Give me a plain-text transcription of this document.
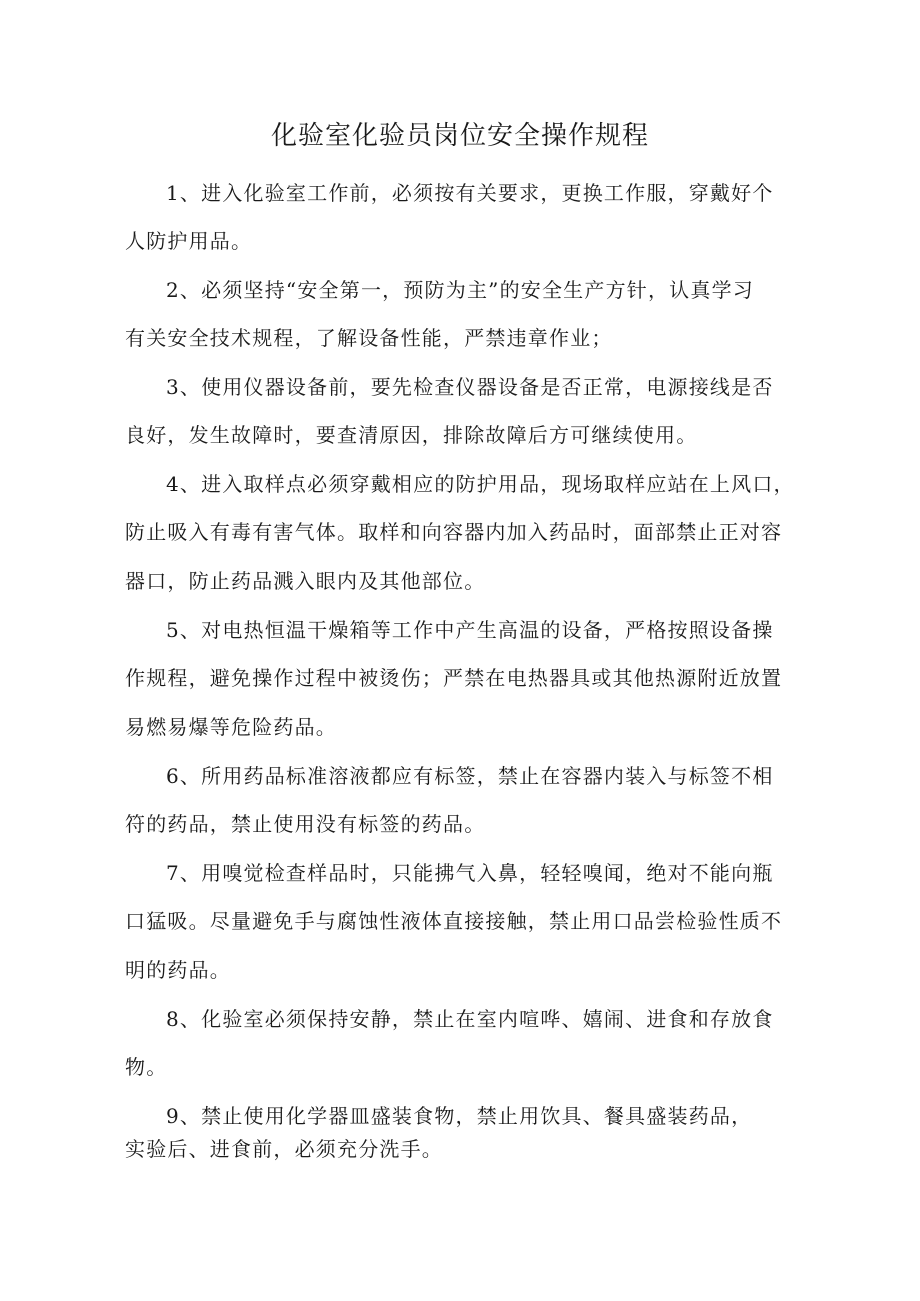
化验室化验员岗位安全操作规程
1、进入化验室工作前，必须按有关要求，更换工作服，穿戴好个
人防护用品。
2、必须坚持“安全第一，预防为主”的安全生产方针，认真学习
有关安全技术规程，了解设备性能，严禁违章作业；
3、使用仪器设备前，要先检查仪器设备是否正常，电源接线是否
良好，发生故障时，要查清原因，排除故障后方可继续使用。
4、进入取样点必须穿戴相应的防护用品，现场取样应站在上风口，
防止吸入有毒有害气体。取样和向容器内加入药品时，面部禁止正对容
器口，防止药品溅入眼内及其他部位。
5、对电热恒温干燥箱等工作中产生高温的设备，严格按照设备操
作规程，避免操作过程中被烫伤；严禁在电热器具或其他热源附近放置
易燃易爆等危险药品。
6、所用药品标准溶液都应有标签，禁止在容器内装入与标签不相
符的药品，禁止使用没有标签的药品。
7、用嗅觉检查样品时，只能拂气入鼻，轻轻嗅闻，绝对不能向瓶
口猛吸。尽量避免手与腐蚀性液体直接接触，禁止用口品尝检验性质不
明的药品。
8、化验室必须保持安静，禁止在室内喧哗、嬉闹、进食和存放食
物。
9、禁止使用化学器皿盛装食物，禁止用饮具、餐具盛装药品，
实验后、进食前，必须充分洗手。
